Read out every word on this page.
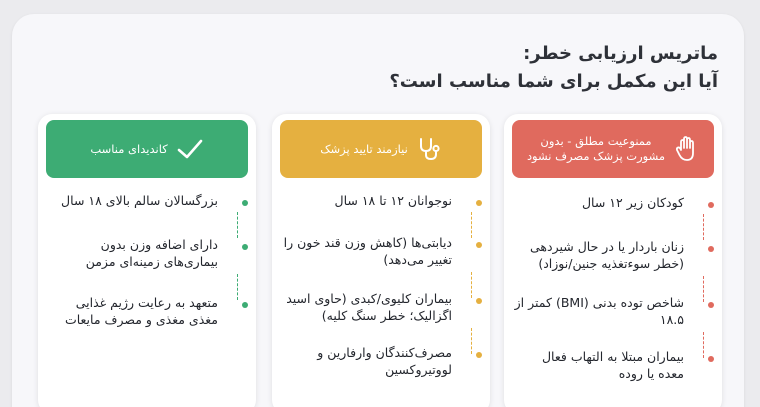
ماتریس ارزیابی خطر:
آیا این مکمل برای شما مناسب است؟
کاندیدای مناسب
بزرگسالان سالم بالای ۱۸ سال
دارای اضافه وزن بدون بیماری‌های زمینه‌ای مزمن
متعهد به رعایت رژیم غذایی مغذی مغذی و مصرف مایعات
نیازمند تایید پزشک
نوجوانان ۱۲ تا ۱۸ سال
دیابتی‌ها (کاهش وزن قند خون را تغییر می‌دهد)
بیماران کلیوی/کبدی (حاوی اسید اگزالیک؛ خطر سنگ کلیه)
مصرف‌کنندگان وارفارین و لووتیروکسین
ممنوعیت مطلق - بدون مشورت پزشک مصرف نشود
کودکان زیر ۱۲ سال
زنان باردار یا در حال شیردهی (خطر سوءتغذیه جنین/نوزاد)
شاخص توده بدنی (BMI) کمتر از ۱۸.۵
بیماران مبتلا به التهاب فعال معده یا روده
